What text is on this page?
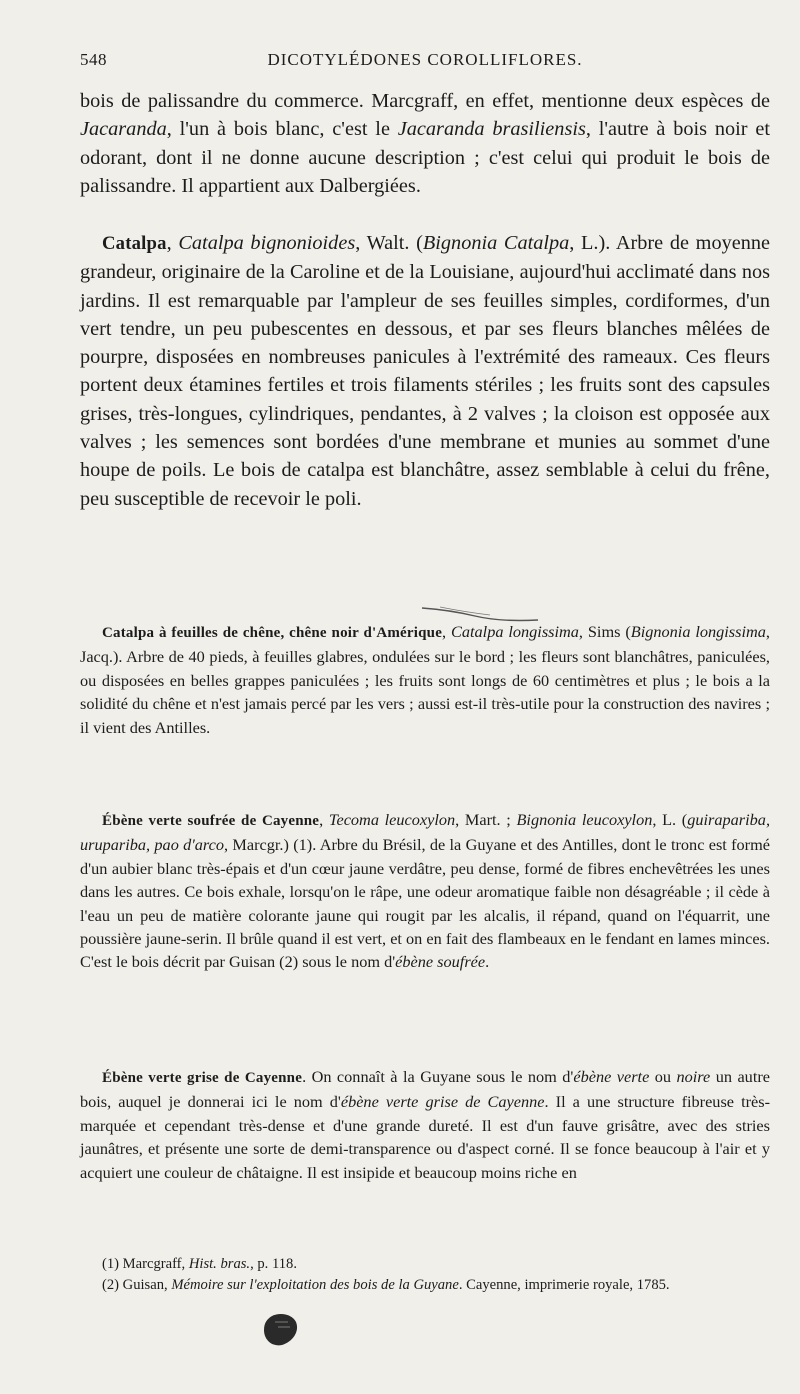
548	DICOTYLÉDONES COROLLIFLORES.

bois de palissandre du commerce. Marcgraff, en effet, mentionne deux espèces de Jacaranda, l'un à bois blanc, c'est le Jacaranda brasiliensis, l'autre à bois noir et odorant, dont il ne donne aucune description ; c'est celui qui produit le bois de palissandre. Il appartient aux Dalbergiées.

Catalpa, Catalpa bignonioides, Walt. (Bignonia Catalpa, L.). Arbre de moyenne grandeur, originaire de la Caroline et de la Louisiane, aujourd'hui acclimaté dans nos jardins. Il est remarquable par l'ampleur de ses feuilles simples, cordiformes, d'un vert tendre, un peu pubescentes en dessous, et par ses fleurs blanches mêlées de pourpre, disposées en nombreuses panicules à l'extrémité des rameaux. Ces fleurs portent deux étamines fertiles et trois filaments stériles ; les fruits sont des capsules grises, très-longues, cylindriques, pendantes, à 2 valves ; la cloison est opposée aux valves ; les semences sont bordées d'une membrane et munies au sommet d'une houpe de poils. Le bois de catalpa est blanchâtre, assez semblable à celui du frêne, peu susceptible de recevoir le poli.

Catalpa à feuilles de chêne, chêne noir d'Amérique, Catalpa longissima, Sims (Bignonia longissima, Jacq.). Arbre de 40 pieds, à feuilles glabres, ondulées sur le bord ; les fleurs sont blanchâtres, paniculées, ou disposées en belles grappes paniculées ; les fruits sont longs de 60 centimètres et plus ; le bois a la solidité du chêne et n'est jamais percé par les vers ; aussi est-il très-utile pour la construction des navires ; il vient des Antilles.

Ébène verte soufrée de Cayenne, Tecoma leucoxylon, Mart. ; Bignonia leucoxylon, L. (guirapariba, urupariba, pao d'arco, Marcgr.) (1). Arbre du Brésil, de la Guyane et des Antilles, dont le tronc est formé d'un aubier blanc très-épais et d'un cœur jaune verdâtre, peu dense, formé de fibres enchevêtrées les unes dans les autres. Ce bois exhale, lorsqu'on le râpe, une odeur aromatique faible non désagréable ; il cède à l'eau un peu de matière colorante jaune qui rougit par les alcalis, il répand, quand on l'équarrit, une poussière jaune-serin. Il brûle quand il est vert, et on en fait des flambeaux en le fendant en lames minces. C'est le bois décrit par Guisan (2) sous le nom d'ébène soufrée.

Ébène verte grise de Cayenne. On connaît à la Guyane sous le nom d'ébène verte ou noire un autre bois, auquel je donnerai ici le nom d'ébène verte grise de Cayenne. Il a une structure fibreuse très-marquée et cependant très-dense et d'une grande dureté. Il est d'un fauve grisâtre, avec des stries jaunâtres, et présente une sorte de demi-transparence ou d'aspect corné. Il se fonce beaucoup à l'air et y acquiert une couleur de châtaigne. Il est insipide et beaucoup moins riche en

(1) Marcgraff, Hist. bras., p. 118.

(2) Guisan, Mémoire sur l'exploitation des bois de la Guyane. Cayenne, imprimerie royale, 1785.
